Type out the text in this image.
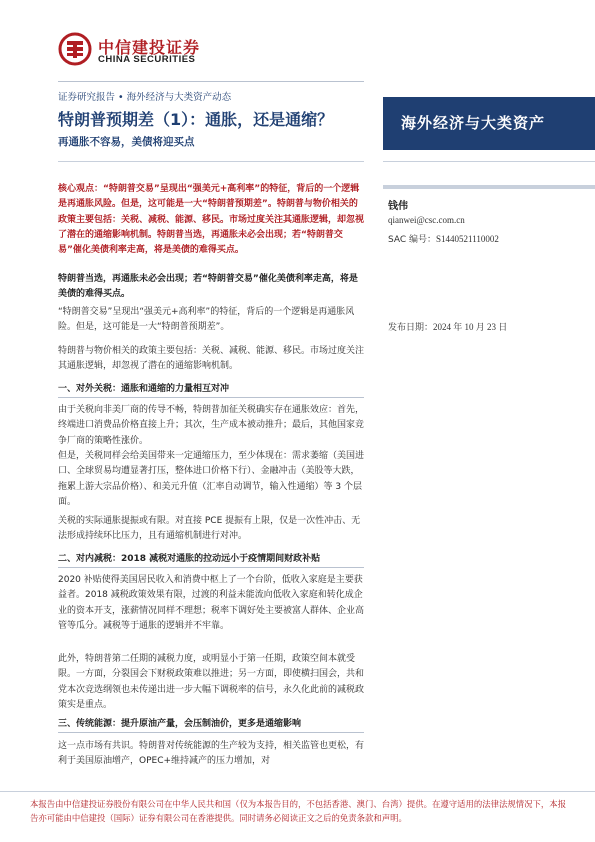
中信建投证券
CHINA SECURITIES
证券研究报告 • 海外经济与大类资产动态
特朗普预期差（1）：通胀，还是通缩？
再通胀不容易，美债将迎买点
海外经济与大类资产

核心观点：“特朗普交易”呈现出“强美元+高利率”的特征，背后的一个逻辑是再通胀风险。但是，这可能是一大“特朗普预期差”。特朗普与物价相关的政策主要包括：关税、减税、能源、移民。市场过度关注其通胀逻辑，却忽视了潜在的通缩影响机制。特朗普当选，再通胀未必会出现；若“特朗普交易”催化美债利率走高，将是美债的难得买点。

特朗普当选，再通胀未必会出现；若“特朗普交易”催化美债利率走高，将是美债的难得买点。

“特朗普交易”呈现出“强美元+高利率”的特征，背后的一个逻辑是再通胀风险。但是，这可能是一大“特朗普预期差”。

特朗普与物价相关的政策主要包括：关税、减税、能源、移民。市场过度关注其通胀逻辑，却忽视了潜在的通缩影响机制。

一、对外关税：通胀和通缩的力量相互对冲

由于关税向非美厂商的传导不畅，特朗普加征关税确实存在通胀效应：首先，终端进口消费品价格直接上升；其次，生产成本被动推升；最后，其他国家竞争厂商的策略性涨价。

但是，关税同样会给美国带来一定通缩压力，至少体现在：需求萎缩（美国进口、全球贸易均遭显著打压，整体进口价格下行）、金融冲击（美股等大跌，拖累上游大宗品价格）、和美元升值（汇率自动调节，输入性通缩）等 3 个层面。

关税的实际通胀提振或有限。对直接 PCE 提振有上限，仅是一次性冲击、无法形成持续环比压力，且有通缩机制进行对冲。

二、对内减税：2018 减税对通胀的拉动远小于疫情期间财政补贴

2020 补贴使得美国居民收入和消费中枢上了一个台阶，低收入家庭是主要获益者。2018 减税政策效果有限，过渡的利益未能流向低收入家庭和转化成企业的资本开支，涨薪情况同样不理想；税率下调好处主要被富人群体、企业高管等瓜分。减税等于通胀的逻辑并不牢靠。

此外，特朗普第二任期的减税力度，或明显小于第一任期，政策空间本就受限。一方面，分裂国会下财税政策难以推进；另一方面，即使横扫国会，共和党本次竞选纲领也未传递出进一步大幅下调税率的信号，永久化此前的减税政策实是重点。

三、传统能源：提升原油产量，会压制油价，更多是通缩影响

这一点市场有共识。特朗普对传统能源的生产较为支持，相关监管也更松，有利于美国原油增产，OPEC+维持减产的压力增加，对

钱伟
qianwei@csc.com.cn
SAC 编号：S1440521110002
发布日期：2024 年 10 月 23 日
本报告由中信建投证券股份有限公司在中华人民共和国（仅为本报告目的，不包括香港、澳门、台湾）提供。在遵守适用的法律法规情况下，本报告亦可能由中信建投（国际）证券有限公司在香港提供。同时请务必阅读正文之后的免责条款和声明。
